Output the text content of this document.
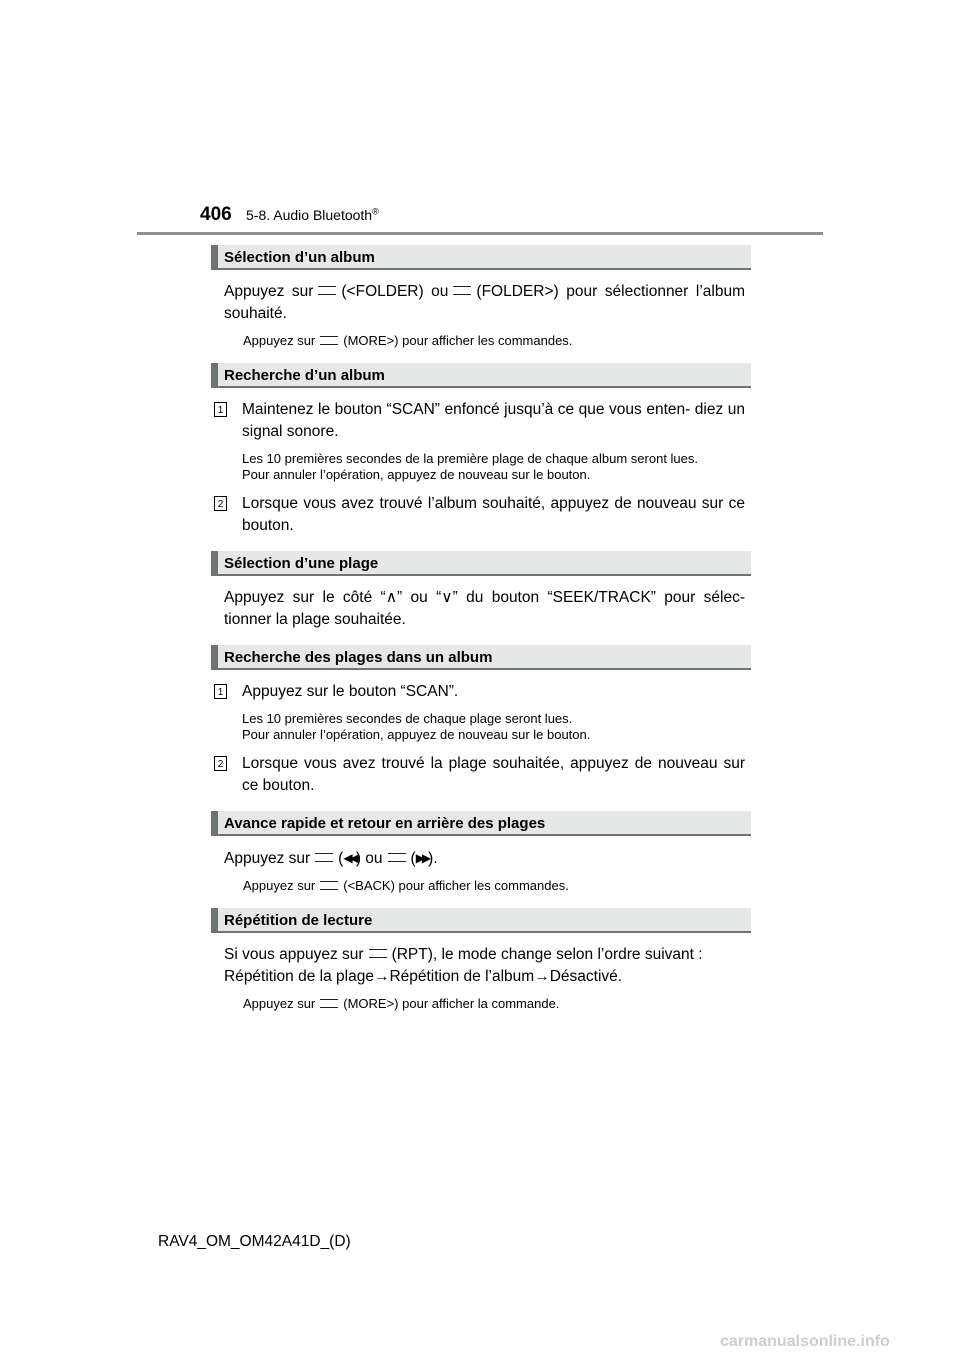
406 5-8. Audio Bluetooth®
Sélection d’un album
Appuyez sur (<FOLDER) ou (FOLDER>) pour sélectionner l’album souhaité.
Appuyez sur (MORE>) pour afficher les commandes.
Recherche d’un album
1 Maintenez le bouton “SCAN” enfoncé jusqu’à ce que vous enten- diez un signal sonore.
Les 10 premières secondes de la première plage de chaque album seront lues.
Pour annuler l’opération, appuyez de nouveau sur le bouton.
2 Lorsque vous avez trouvé l’album souhaité, appuyez de nouveau sur ce bouton.
Sélection d’une plage
Appuyez sur le côté “∧” ou “∨” du bouton “SEEK/TRACK” pour sélec- tionner la plage souhaitée.
Recherche des plages dans un album
1 Appuyez sur le bouton “SCAN”.
Les 10 premières secondes de chaque plage seront lues.
Pour annuler l’opération, appuyez de nouveau sur le bouton.
2 Lorsque vous avez trouvé la plage souhaitée, appuyez de nouveau sur ce bouton.
Avance rapide et retour en arrière des plages
Appuyez sur (◀◀) ou (▶▶).
Appuyez sur (<BACK) pour afficher les commandes.
Répétition de lecture
Si vous appuyez sur (RPT), le mode change selon l’ordre suivant :
Répétition de la plage→Répétition de l’album→Désactivé.
Appuyez sur (MORE>) pour afficher la commande.
RAV4_OM_OM42A41D_(D)
carmanualsonline.info
